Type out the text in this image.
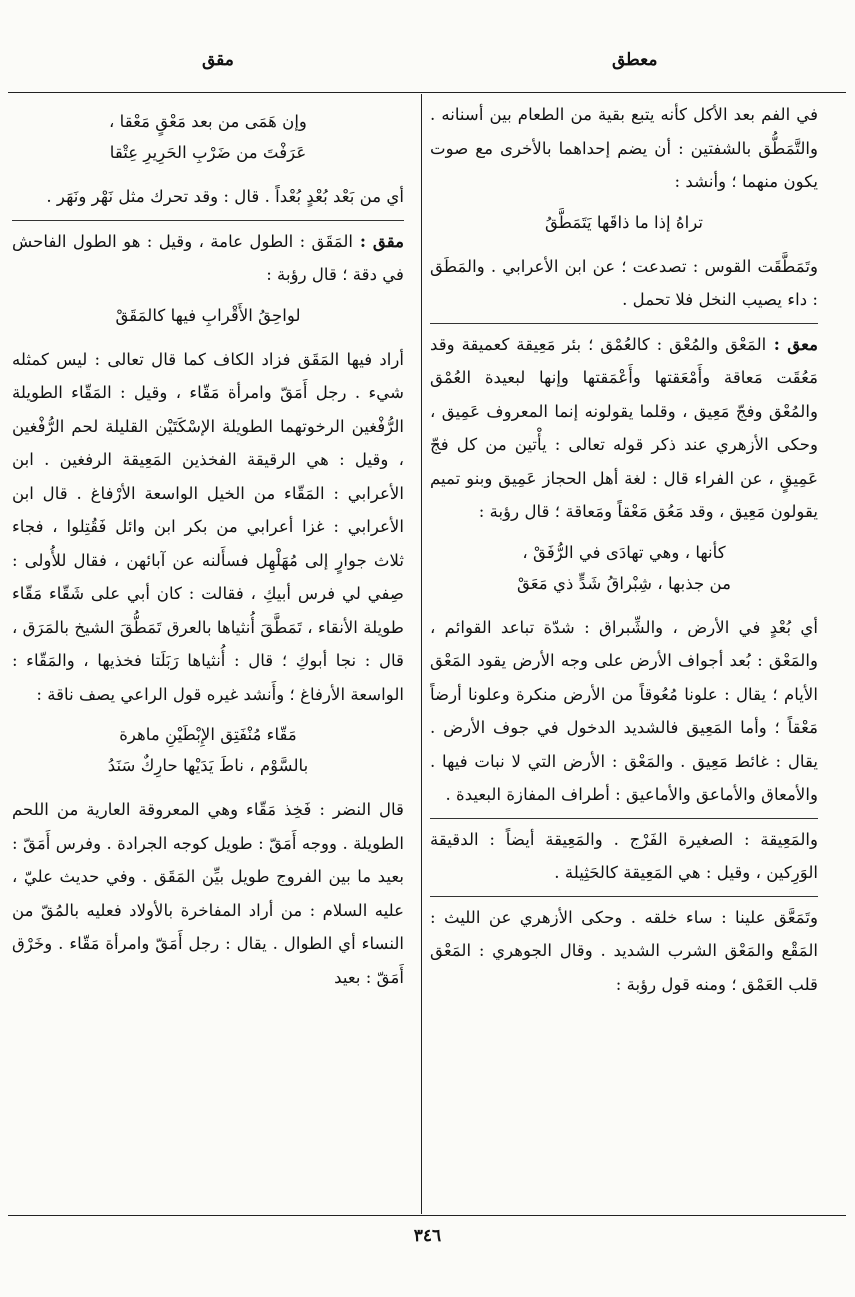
معطق
مقق

في الفم بعد الأكل كأنه يتبع بقية من الطعام بين أسنانه . والتَّمَطُّق بالشفتين : أن يضم إحداهما بالأخرى مع صوت يكون منهما ؛ وأنشد :

تراهُ إذا ما ذاقَها يَتَمَطَّقُ

وتَمَطَّقَت القوس : تصدعت ؛ عن ابن الأعرابي . والمَطَق : داء يصيب النخل فلا تحمل .

معق : المَعْق والمُعْق : كالعُمْق ؛ بئر مَعِيقة كعميقة وقد مَعُقَت مَعاقة وأَمْعَقتها وأَعْمَقتها وإنها لبعيدة العُمْق والمُعْق وفجّ مَعِيق ، وقلما يقولونه إنما المعروف عَمِيق ، وحكى الأزهري عند ذكر قوله تعالى : يأْتين من كل فجّ عَمِيقٍ ، عن الفراء قال : لغة أهل الحجاز عَمِيق وبنو تميم يقولون مَعِيق ، وقد مَعُق مَعْقاً ومَعاقة ؛ قال رؤبة :

كأنها ، وهي تهادَى في الرُّفَقْ ،
من جذبها ، شِبْراقُ شَدٍّ ذي مَعَقْ

أي بُعْدٍ في الأرض ، والشِّبراق : شدّة تباعد القوائم ، والمَعْق : بُعد أجواف الأرض على وجه الأرض يقود المَعْق الأيام ؛ يقال : علونا مُعُوقاً من الأرض منكرة وعلونا أرضاً مَعْقاً ؛ وأما المَعِيق فالشديد الدخول في جوف الأرض . يقال : غائط مَعِيق . والمَعْق : الأرض التي لا نبات فيها . والأمعاق والأماعق والأماعيق : أطراف المفازة البعيدة .

والمَعِيقة : الصغيرة الفَرْج . والمَعِيقة أيضاً : الدقيقة الوَرِكين ، وقيل : هي المَعِيقة كالحَثِيلة .

وتَمَعَّق علينا : ساء خلقه . وحكى الأزهري عن الليث : المَقْع والمَعْق الشرب الشديد . وقال الجوهري : المَعْق قلب العَمْق ؛ ومنه قول رؤبة :

وإن هَمَى من بعد مَعْقٍ مَعْقا ،
عَرَفْتَ من ضَرْبِ الحَرِيرِ عِتْقا

أي من بَعْد بُعْدٍ بُعْداً . قال : وقد تحرك مثل نَهْر ونَهَر .

مقق : المَقَق : الطول عامة ، وقيل : هو الطول الفاحش في دقة ؛ قال رؤبة :

لواحِقُ الأَقْرابِ فيها كالمَقَقْ

أراد فيها المَقَق فزاد الكاف كما قال تعالى : ليس كمثله شيء . رجل أَمَقّ وامرأة مَقّاء ، وقيل : المَقّاء الطويلة الرُّفْغين الرخوتهما الطويلة الإسْكَتَيْن القليلة لحم الرُّفْغين ، وقيل : هي الرقيقة الفخذين المَعِيقة الرفغين . ابن الأعرابي : المَقّاء من الخيل الواسعة الأرْفاغ . قال ابن الأعرابي : غزا أعرابي من بكر ابن وائل فَقُتِلوا ، فجاء ثلاث جوارٍ إلى مُهَلْهِل فسأَلنه عن آبائهن ، فقال للأُولى : صِفي لي فرس أبيكِ ، فقالت : كان أبي على شَقّاء مَقّاء طويلة الأنقاء ، تَمَطَّقَ أُنثياها بالعرق تَمَطُّقَ الشيخ بالمَرَق ، قال : نجا أبوكِ ؛ قال : أُنثياها رَبَلَتا فخذيها ، والمَقّاء : الواسعة الأرفاغ ؛ وأَنشد غيره قول الراعي يصف ناقة :

مَقّاء مُنْفَتِق الإِبْطَيْنِ ماهرة
بالسَّوْم ، ناطَ يَدَيْها حارِكٌ سَنَدُ

قال النضر : فَخِذ مَقّاء وهي المعروقة العارية من اللحم الطويلة . ووجه أَمَقّ : طويل كوجه الجرادة . وفرس أَمَقّ : بعيد ما بين الفروج طويل بيِّن المَقَق . وفي حديث عليّ ، عليه السلام : من أراد المفاخرة بالأولاد فعليه بالمُقّ من النساء أي الطوال . يقال : رجل أَمَقّ وامرأة مَقّاء . وخَرْق أَمَقّ : بعيد

٣٤٦
